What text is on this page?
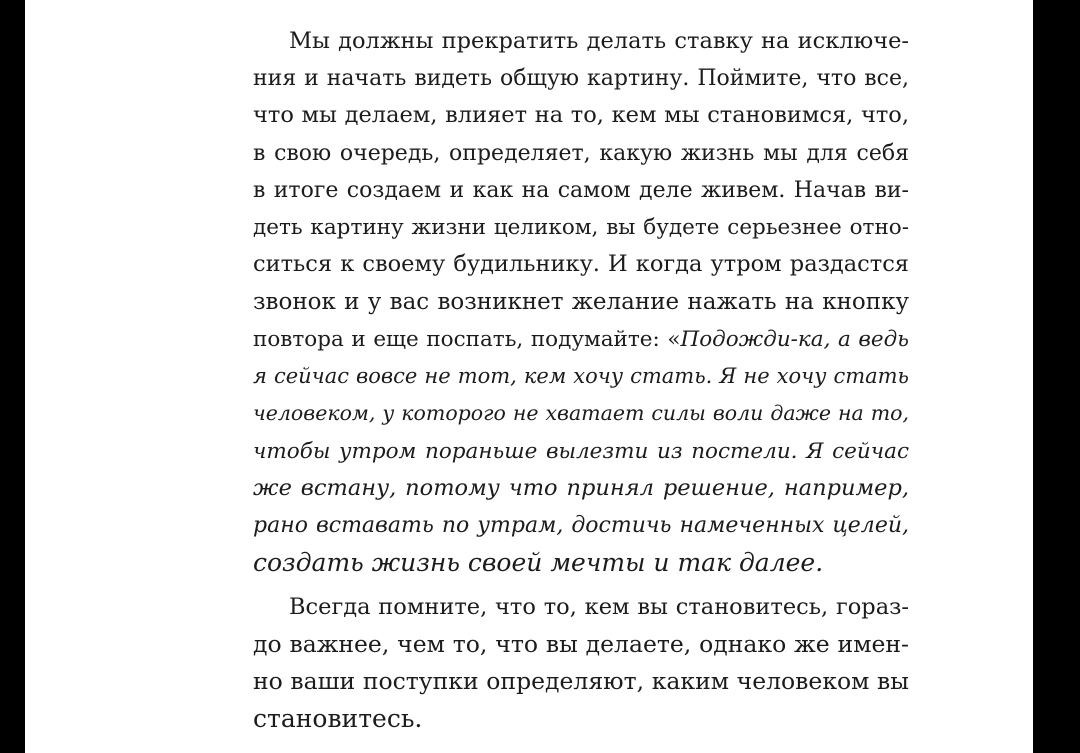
Мы должны прекратить делать ставку на исключе-
ния и начать видеть общую картину. Поймите, что все,
что мы делаем, влияет на то, кем мы становимся, что,
в свою очередь, определяет, какую жизнь мы для себя
в итоге создаем и как на самом деле живем. Начав ви-
деть картину жизни целиком, вы будете серьезнее отно-
ситься к своему будильнику. И когда утром раздастся
звонок и у вас возникнет желание нажать на кнопку
повтора и еще поспать, подумайте: «Подожди-ка, а ведь
я сейчас вовсе не тот, кем хочу стать. Я не хочу стать
человеком, у которого не хватает силы воли даже на то,
чтобы утром пораньше вылезти из постели. Я сейчас
же встану, потому что принял решение, например,
рано вставать по утрам, достичь намеченных целей,
создать жизнь своей мечты и так далее.
Всегда помните, что то, кем вы становитесь, гораз-
до важнее, чем то, что вы делаете, однако же имен-
но ваши поступки определяют, каким человеком вы
становитесь.
